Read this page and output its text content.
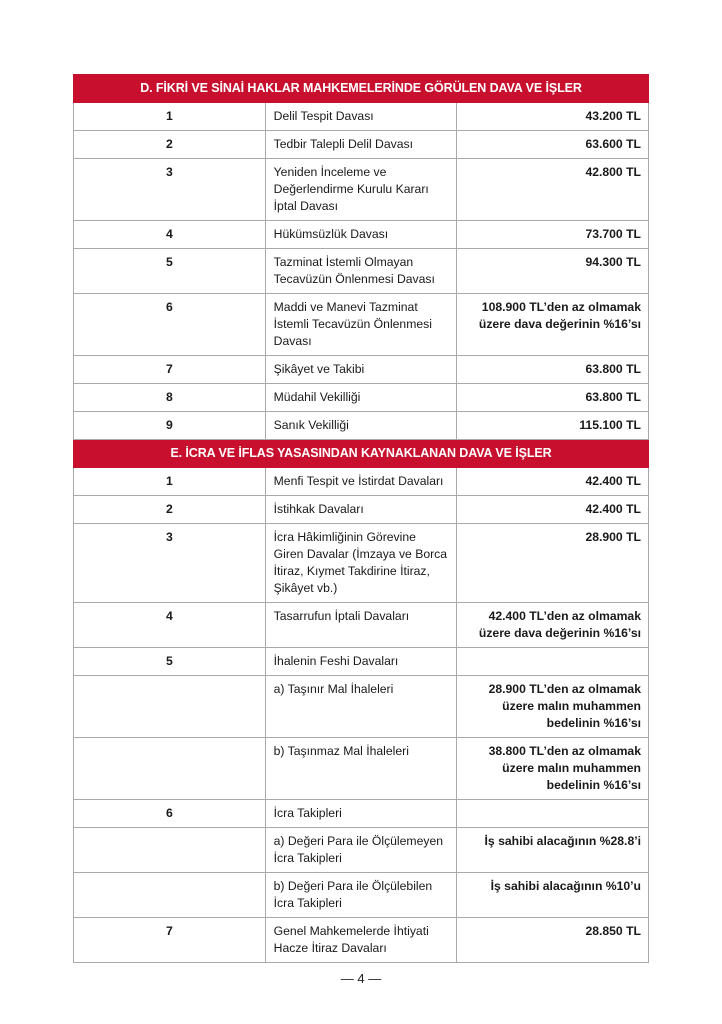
D. FİKRİ VE SİNAİ HAKLAR MAHKEMELERİNDE GÖRÜLEN DAVA VE İŞLER		
1	Delil Tespit Davası	43.200 TL
2	Tedbir Talepli Delil Davası	63.600 TL
3	Yeniden İnceleme ve Değerlendirme Kurulu Kararı İptal Davası	42.800 TL
4	Hükümsüzlük Davası	73.700 TL
5	Tazminat İstemli Olmayan Tecavüzün Önlenmesi Davası	94.300 TL
6	Maddi ve Manevi Tazminat İstemli Tecavüzün Önlenmesi Davası	108.900 TL’den az olmamak üzere dava değerinin %16’sı
7	Şikâyet ve Takibi	63.800 TL
8	Müdahil Vekilliği	63.800 TL
9	Sanık Vekilliği	115.100 TL
E. İCRA VE İFLAS YASASINDAN KAYNAKLANAN DAVA VE İŞLER		
1	Menfi Tespit ve İstirdat Davaları	42.400 TL
2	İstihkak Davaları	42.400 TL
3	İcra Hâkimliğinin Görevine Giren Davalar (İmzaya ve Borca İtiraz, Kıymet Takdirine İtiraz, Şikâyet vb.)	28.900 TL
4	Tasarrufun İptali Davaları	42.400 TL’den az olmamak üzere dava değerinin %16’sı
5	İhalenin Feshi Davaları	
	a) Taşınır Mal İhaleleri	28.900 TL’den az olmamak üzere malın muhammen bedelinin %16’sı
	b) Taşınmaz Mal İhaleleri	38.800 TL’den az olmamak üzere malın muhammen bedelinin %16’sı
6	İcra Takipleri	
	a) Değeri Para ile Ölçülemeyen İcra Takipleri	İş sahibi alacağının %28.8’i
	b) Değeri Para ile Ölçülebilen İcra Takipleri	İş sahibi alacağının %10’u
7	Genel Mahkemelerde İhtiyati Hacze İtiraz Davaları	28.850 TL
— 4 —
